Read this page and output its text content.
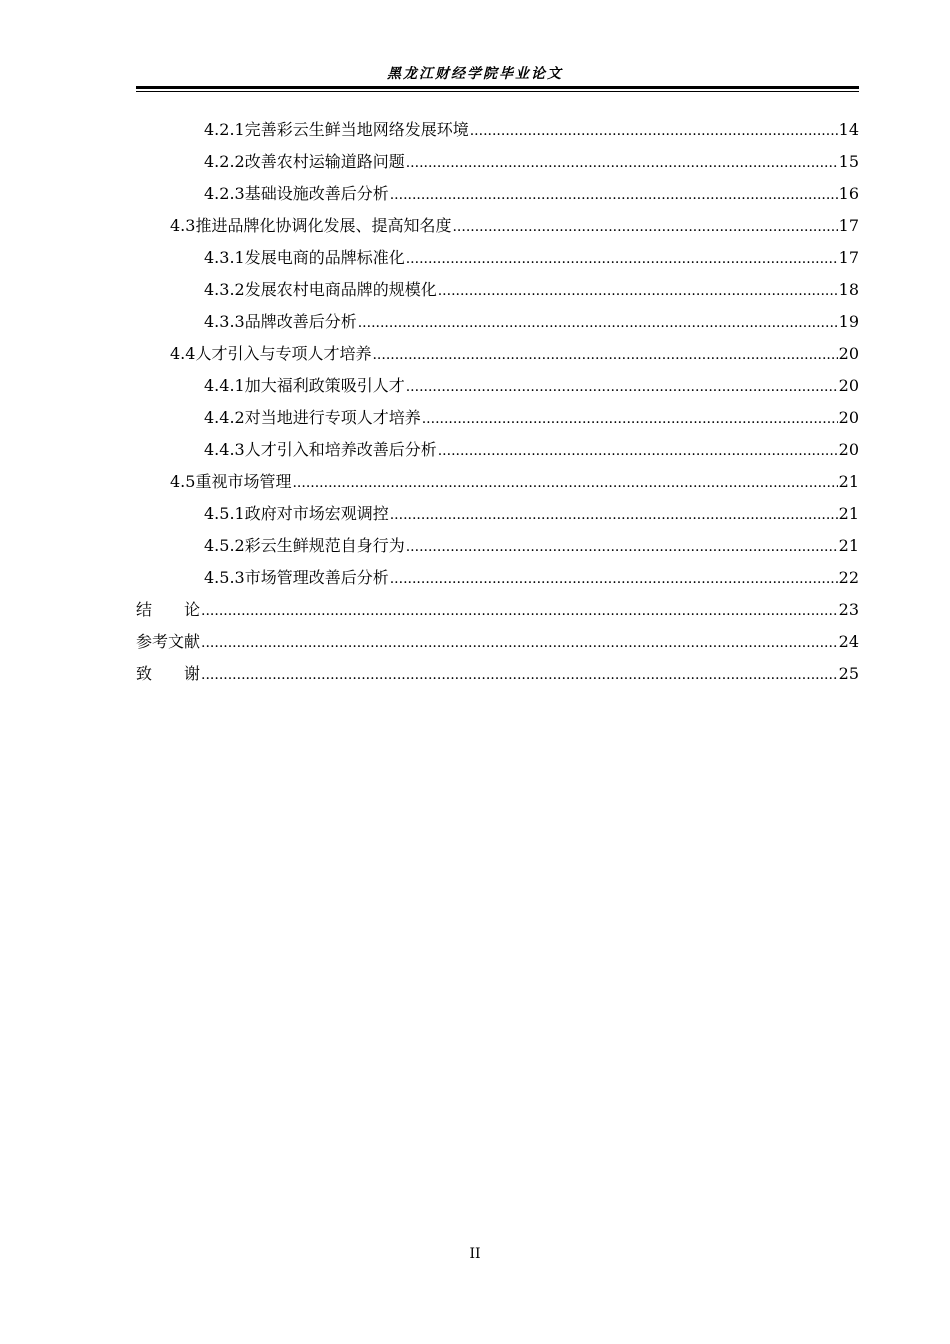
黑龙江财经学院毕业论文
4.2.1 完善彩云生鲜当地网络发展环境 .....	14
4.2.2 改善农村运输道路问题 .....	15
4.2.3 基础设施改善后分析 .....	16
4.3 推进品牌化协调化发展、提高知名度 .....	17
4.3.1 发展电商的品牌标准化 .....	17
4.3.2 发展农村电商品牌的规模化 .....	18
4.3.3 品牌改善后分析 .....	19
4.4 人才引入与专项人才培养 .....	20
4.4.1 加大福利政策吸引人才 .....	20
4.4.2 对当地进行专项人才培养 .....	20
4.4.3 人才引入和培养改善后分析 .....	20
4.5 重视市场管理 .....	21
4.5.1 政府对市场宏观调控 .....	21
4.5.2 彩云生鲜规范自身行为 .....	21
4.5.3 市场管理改善后分析 .....	22
结　　论 .....	23
参考文献 .....	24
致　　谢 .....	25
II
